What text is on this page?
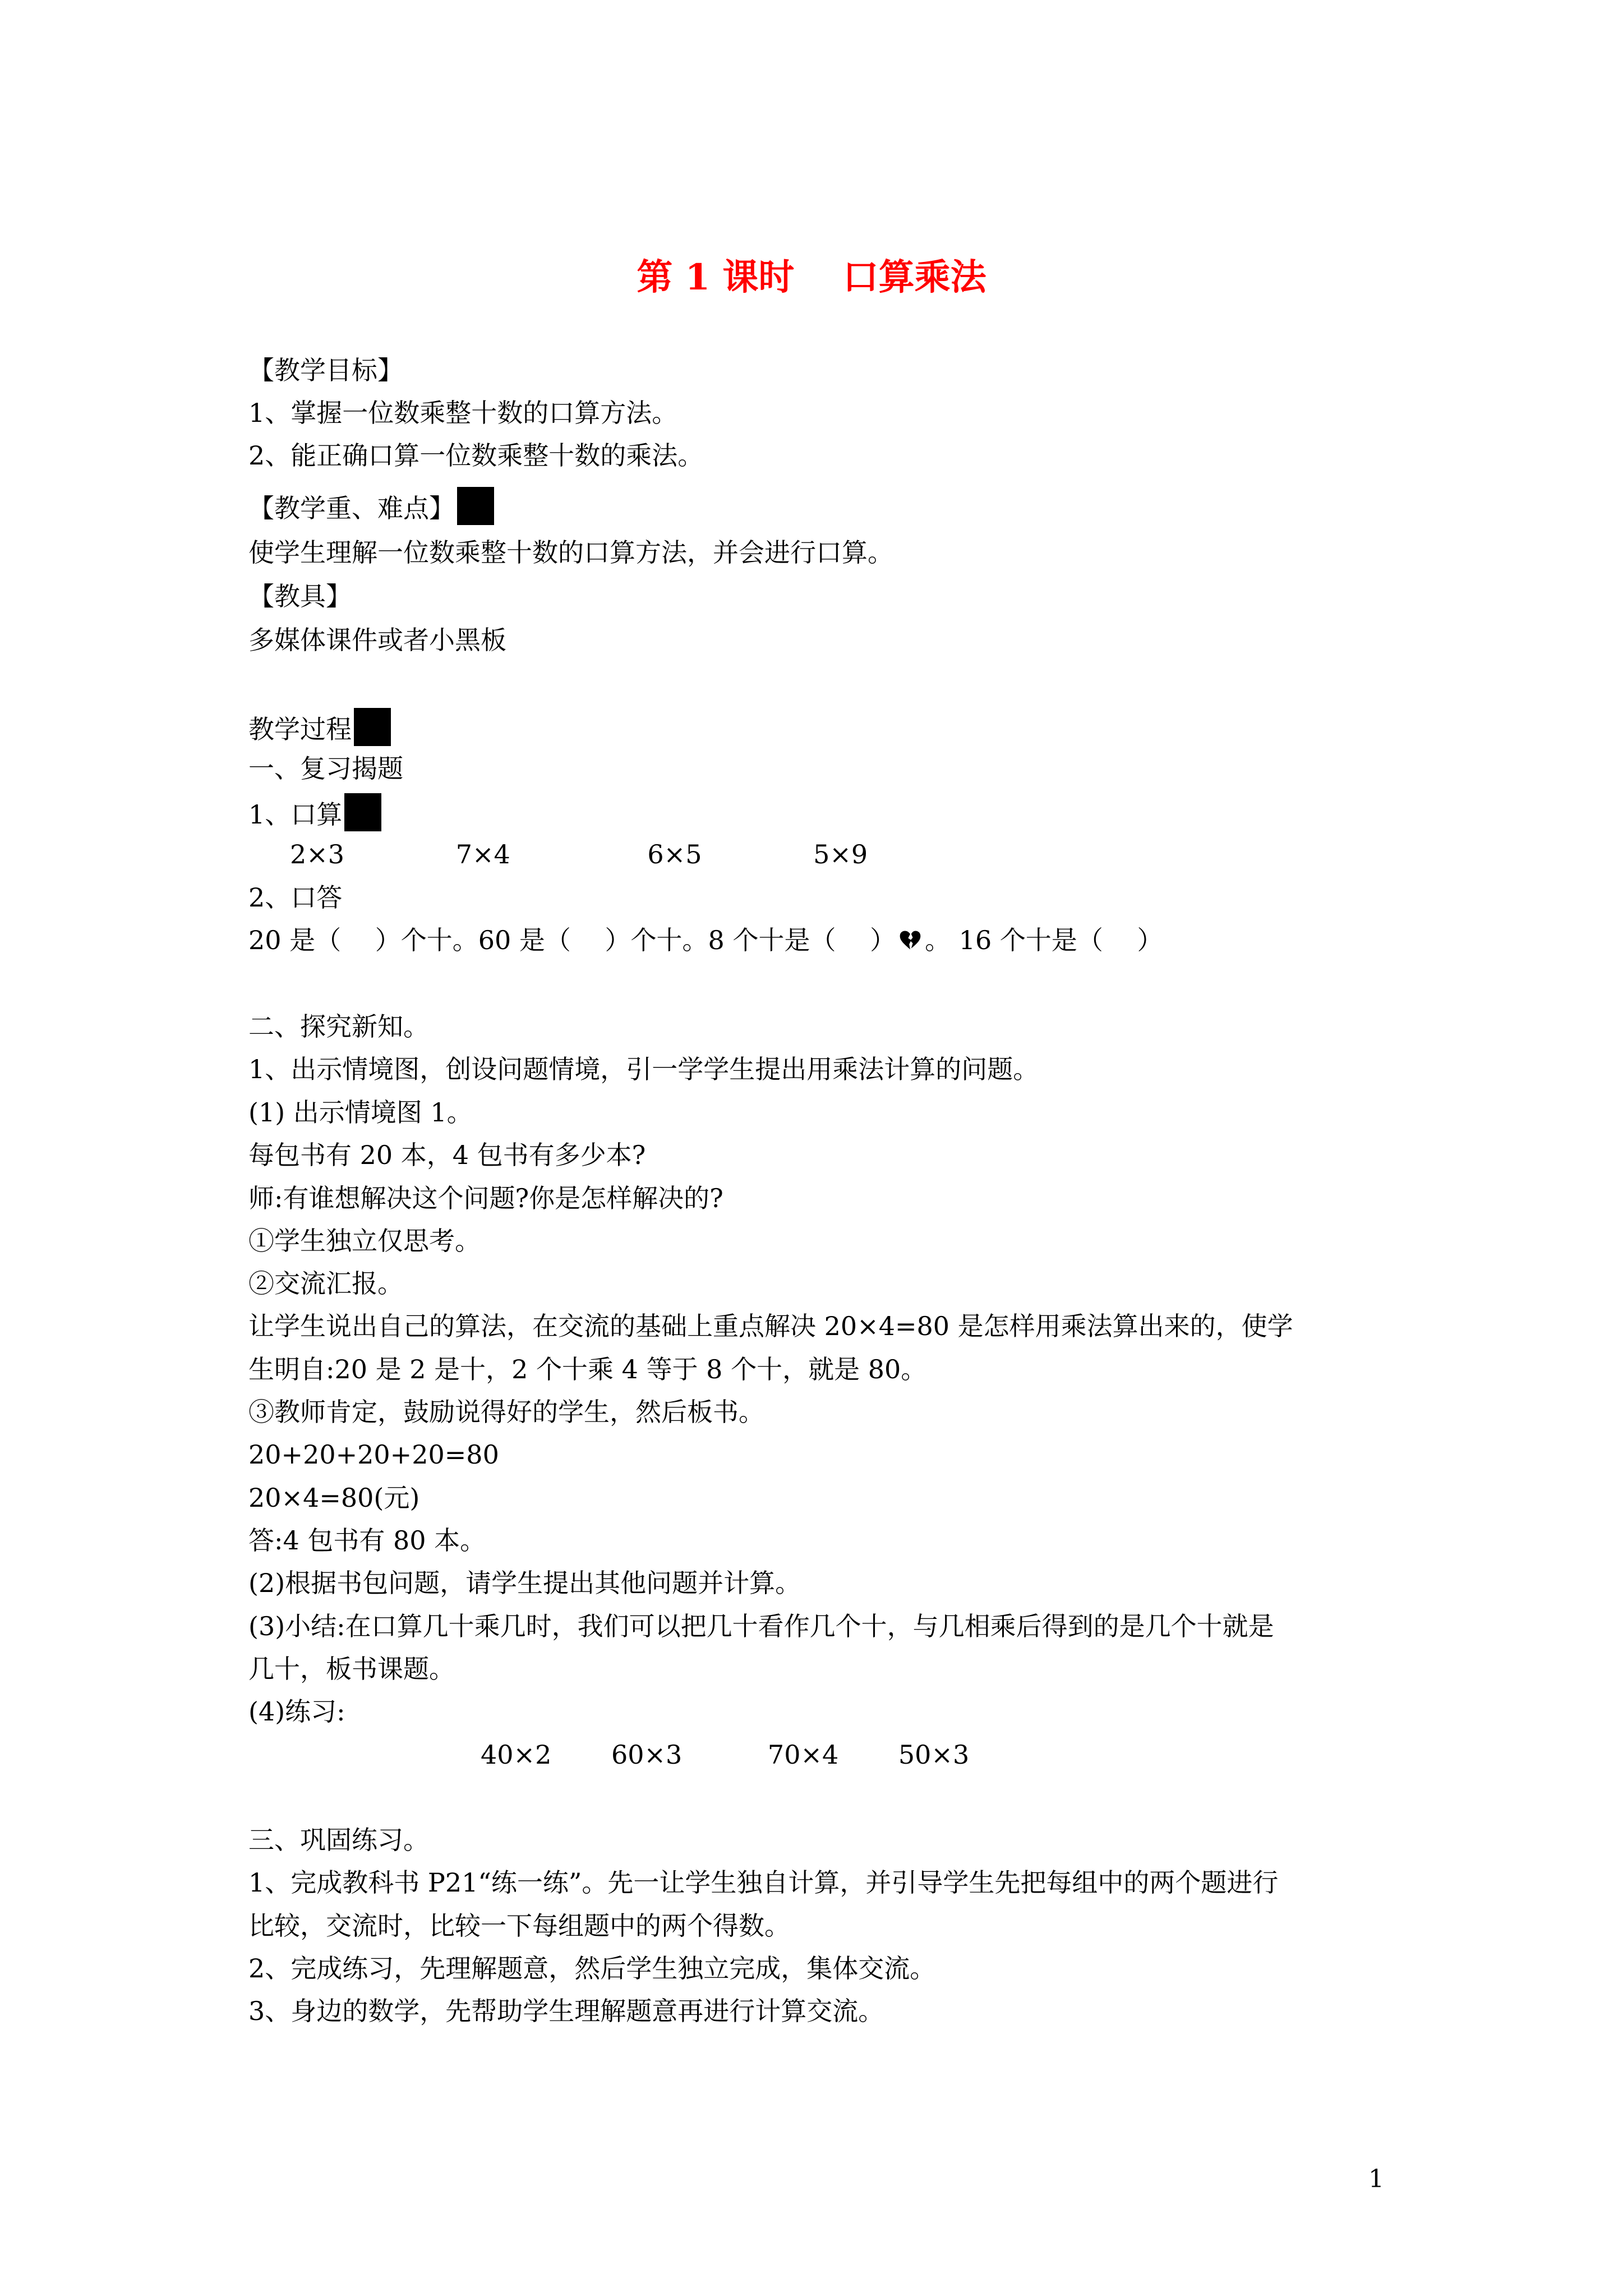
第 1 课时　 口算乘法
【教学目标】
1、掌握一位数乘整十数的口算方法。
2、能正确口算一位数乘整十数的乘法。
【教学重、难点】
使学生理解一位数乘整十数的口算方法，并会进行口算。
【教具】
多媒体课件或者小黑板
教学过程
一、复习揭题
1、口算
2×3　　　　 7×4　　　　　 6×5　　　　 5×9
2、口答
20 是（　 ）个十。60 是（　 ）个十。8 个十是（　 ） 。 16 个十是（　 ）
二、探究新知。
1、出示情境图，创设问题情境，引一学学生提出用乘法计算的问题。
(1) 出示情境图 1。
每包书有 20 本，4 包书有多少本?
师:有谁想解决这个问题?你是怎样解决的?
①学生独立仅思考。
②交流汇报。
让学生说出自己的算法，在交流的基础上重点解决 20×4=80 是怎样用乘法算出来的，使学
生明自:20 是 2 是十，2 个十乘 4 等于 8 个十，就是 80。
③教师肯定，鼓励说得好的学生，然后板书。
20+20+20+20=80
20×4=80(元)
答:4 包书有 80 本。
(2)根据书包问题，请学生提出其他问题并计算。
(3)小结:在口算几十乘几时，我们可以把几十看作几个十，与几相乘后得到的是几个十就是
几十，板书课题。
(4)练习:
40×2　　 60×3　　　 70×4　　 50×3
三、巩固练习。
1、完成教科书 P21“练一练”。先一让学生独自计算，并引导学生先把每组中的两个题进行
比较，交流时，比较一下每组题中的两个得数。
2、完成练习，先理解题意，然后学生独立完成，集体交流。
3、身边的数学，先帮助学生理解题意再进行计算交流。
1
